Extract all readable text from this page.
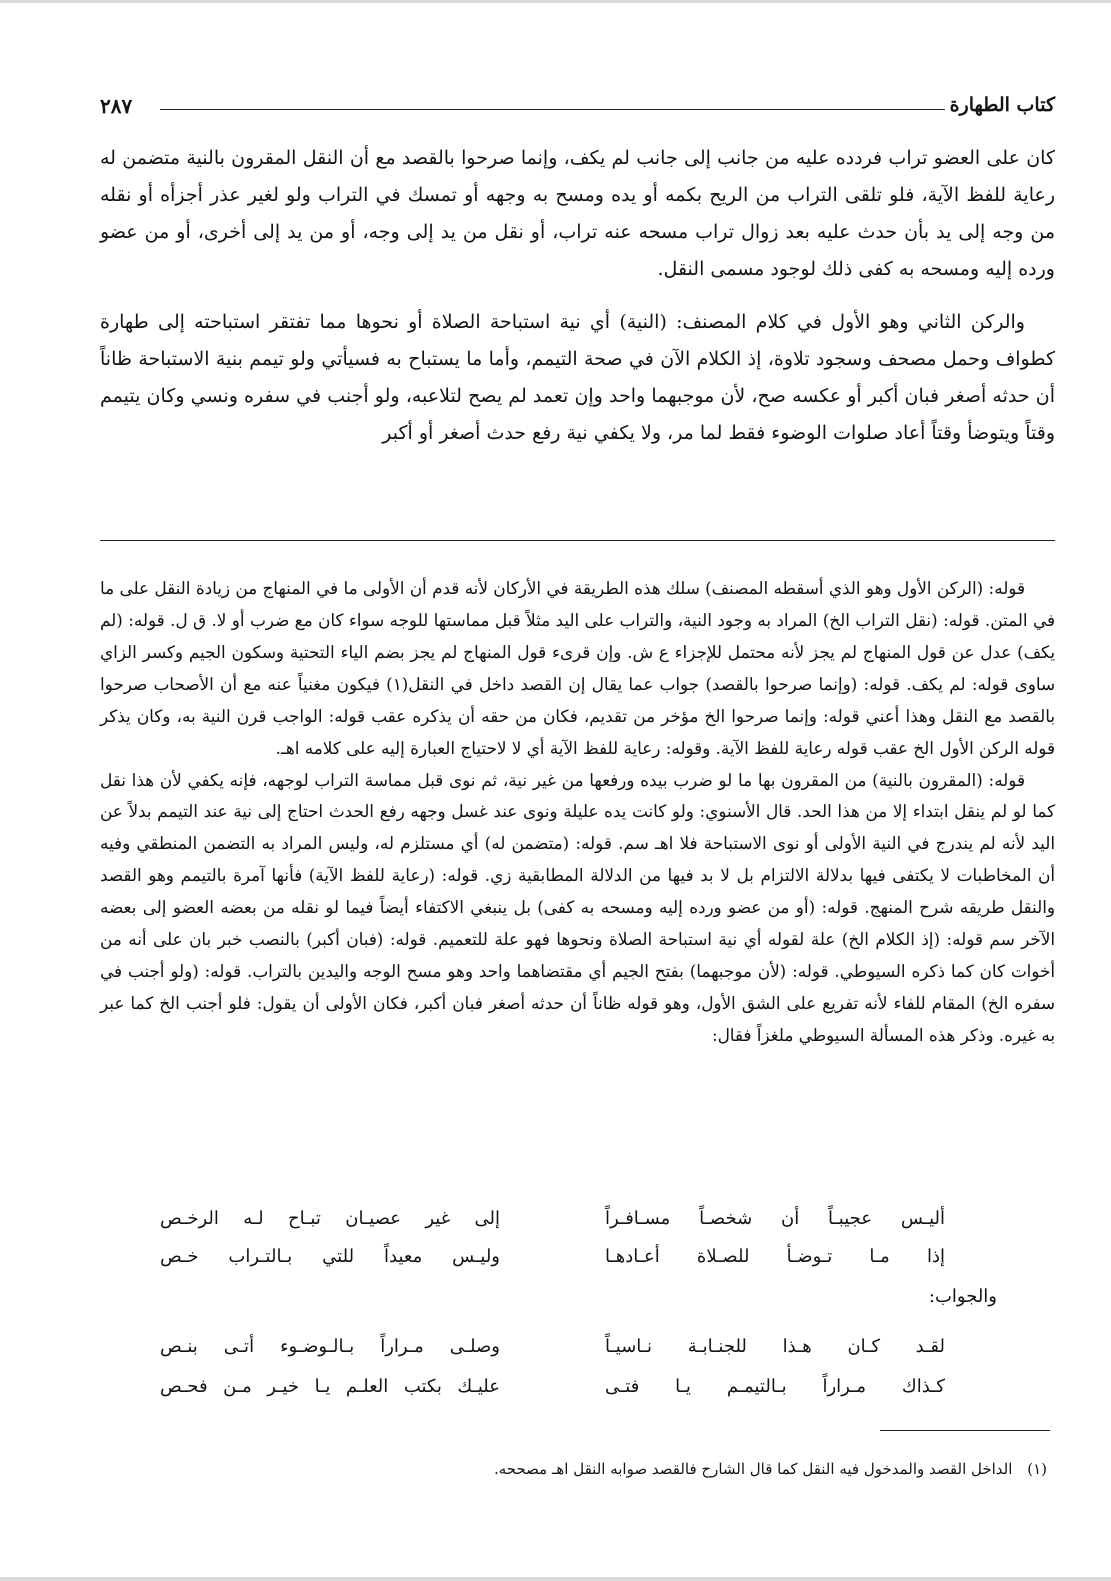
كتاب الطهارة
٢٨٧

كان على العضو تراب فردده عليه من جانب إلى جانب لم يكف، وإنما صرحوا بالقصد مع أن النقل المقرون بالنية متضمن له رعاية للفظ الآية، فلو تلقى التراب من الريح بكمه أو يده ومسح به وجهه أو تمسك في التراب ولو لغير عذر أجزأه أو نقله من وجه إلى يد بأن حدث عليه بعد زوال تراب مسحه عنه تراب، أو نقل من يد إلى وجه، أو من يد إلى أخرى، أو من عضو ورده إليه ومسحه به كفى ذلك لوجود مسمى النقل.

والركن الثاني وهو الأول في كلام المصنف: (النية) أي نية استباحة الصلاة أو نحوها مما تفتقر استباحته إلى طهارة كطواف وحمل مصحف وسجود تلاوة، إذ الكلام الآن في صحة التيمم، وأما ما يستباح به فسيأتي ولو تيمم بنية الاستباحة ظاناً أن حدثه أصغر فبان أكبر أو عكسه صح، لأن موجبهما واحد وإن تعمد لم يصح لتلاعبه، ولو أجنب في سفره ونسي وكان يتيمم وقتاً ويتوضأ وقتاً أعاد صلوات الوضوء فقط لما مر، ولا يكفي نية رفع حدث أصغر أو أكبر

قوله: (الركن الأول وهو الذي أسقطه المصنف) سلك هذه الطريقة في الأركان لأنه قدم أن الأولى ما في المنهاج من زيادة النقل على ما في المتن. قوله: (نقل التراب الخ) المراد به وجود النية، والتراب على اليد مثلاً قبل مماستها للوجه سواء كان مع ضرب أو لا. ق ل. قوله: (لم يكف) عدل عن قول المنهاج لم يجز لأنه محتمل للإجزاء ع ش. وإن قرىء قول المنهاج لم يجز بضم الياء التحتية وسكون الجيم وكسر الزاي ساوى قوله: لم يكف. قوله: (وإنما صرحوا بالقصد) جواب عما يقال إن القصد داخل في النقل(١) فيكون مغنياً عنه مع أن الأصحاب صرحوا بالقصد مع النقل وهذا أعني قوله: وإنما صرحوا الخ مؤخر من تقديم، فكان من حقه أن يذكره عقب قوله: الواجب قرن النية به، وكان يذكر قوله الركن الأول الخ عقب قوله رعاية للفظ الآية. وقوله: رعاية للفظ الآية أي لا لاحتياج العبارة إليه على كلامه اهـ.

قوله: (المقرون بالنية) من المقرون بها ما لو ضرب بيده ورفعها من غير نية، ثم نوى قبل مماسة التراب لوجهه، فإنه يكفي لأن هذا نقل كما لو لم ينقل ابتداء إلا من هذا الحد. قال الأسنوي: ولو كانت يده عليلة ونوى عند غسل وجهه رفع الحدث احتاج إلى نية عند التيمم بدلاً عن اليد لأنه لم يندرج في النية الأولى أو نوى الاستباحة فلا اهـ سم. قوله: (متضمن له) أي مستلزم له، وليس المراد به التضمن المنطقي وفيه أن المخاطبات لا يكتفى فيها بدلالة الالتزام بل لا بد فيها من الدلالة المطابقية زي. قوله: (رعاية للفظ الآية) فأنها آمرة بالتيمم وهو القصد والنقل طريقه شرح المنهج. قوله: (أو من عضو ورده إليه ومسحه به كفى) بل ينبغي الاكتفاء أيضاً فيما لو نقله من بعضه العضو إلى بعضه الآخر سم قوله: (إذ الكلام الخ) علة لقوله أي نية استباحة الصلاة ونحوها فهو علة للتعميم. قوله: (فبان أكبر) بالنصب خبر بان على أنه من أخوات كان كما ذكره السيوطي. قوله: (لأن موجبهما) بفتح الجيم أي مقتضاهما واحد وهو مسح الوجه واليدين بالتراب. قوله: (ولو أجنب في سفره الخ) المقام للفاء لأنه تفريع على الشق الأول، وهو قوله ظاناً أن حدثه أصغر فبان أكبر، فكان الأولى أن يقول: فلو أجنب الخ كما عبر به غيره. وذكر هذه المسألة السيوطي ملغزاً فقال:

أليـس عجيبـاً أن شخصـاً مسـافـراً
إلى غير عصيـان تبـاح لـه الرخـص
إذا مـا تـوضـأ للصـلاة أعـادهـا
وليـس معيداً للتي بـالتـراب خـص
والجواب:
لقـد كـان هـذا للجنـابـة نـاسيـاً
وصلـى مـراراً بـالـوضـوء أتـى بنـص
كـذاك مـراراً بـالتيمـم يـا فتـى
عليـك بكتب العلـم يـا خيـر مـن فحـص
(١) الداخل القصد والمدخول فيه النقل كما قال الشارح فالقصد صوابه النقل اهـ مصححه.
